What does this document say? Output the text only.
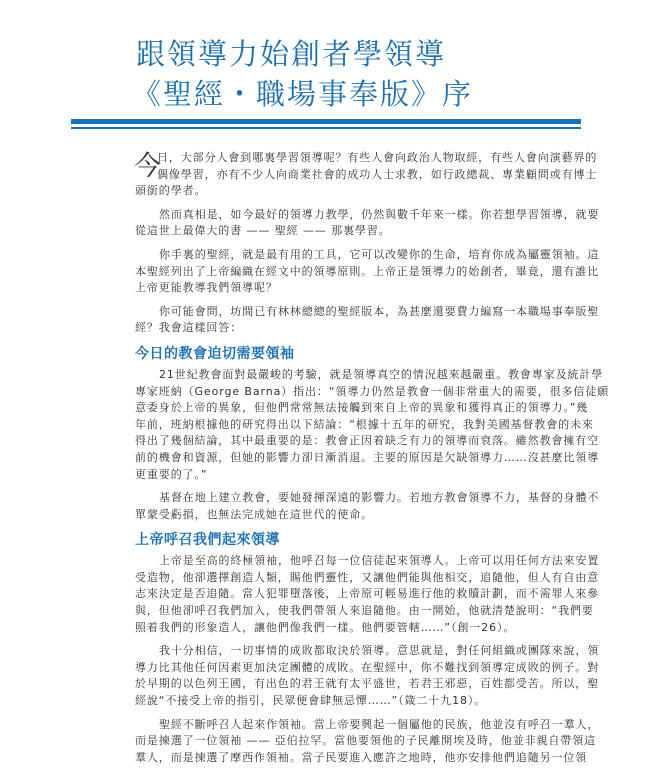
跟領導力始創者學領導
《聖經・職場事奉版》序
今
日，大部分人會到哪裏學習領導呢？有些人會向政治人物取經，有些人會向演藝界的
偶像學習，亦有不少人向商業社會的成功人士求教，如行政總裁、專業顧問或有博士
頭銜的學者。
然而真相是，如今最好的領導力教學，仍然與數千年來一樣。你若想學習領導，就要
從這世上最偉大的書 —— 聖經 —— 那裏學習。
你手裏的聖經，就是最有用的工具，它可以改變你的生命，培育你成為屬靈領袖。這
本聖經列出了上帝編織在經文中的領導原則。上帝正是領導力的始創者，畢竟，還有誰比
上帝更能教導我們領導呢？
你可能會問，坊間已有林林總總的聖經版本，為甚麼還要費力編寫一本職場事奉版聖
經？我會這樣回答：
今日的教會迫切需要領袖
21世紀教會面對最嚴峻的考驗，就是領導真空的情況越來越嚴重。教會專家及統計學
專家班納（George Barna）指出：“領導力仍然是教會一個非常重大的需要，很多信徒願
意委身於上帝的異象，但他們常常無法接觸到來自上帝的異象和獲得真正的領導力。”幾
年前，班納根據他的研究得出以下結論：“根據十五年的研究，我對美國基督教會的未來
得出了幾個結論，其中最重要的是：教會正因着缺乏有力的領導而衰落。雖然教會擁有空
前的機會和資源，但她的影響力卻日漸消退。主要的原因是欠缺領導力……沒甚麼比領導
更重要的了。”
基督在地上建立教會，要她發揮深遠的影響力。若地方教會領導不力，基督的身體不
單蒙受虧損，也無法完成她在這世代的使命。
上帝呼召我們起來領導
上帝是至高的終極領袖，他呼召每一位信徒起來領導人。上帝可以用任何方法來安置
受造物，他卻選擇創造人類，賜他們靈性，又讓他們能與他相交，追隨他，但人有自由意
志來決定是否追隨。當人犯罪墮落後，上帝原可輕易進行他的救贖計劃，而不需罪人來參
與，但他卻呼召我們加入，使我們帶領人來追隨他。由一開始，他就清楚說明：“我們要
照着我們的形象造人，讓他們像我們一樣。他們要管轄……”（創一26）。
我十分相信，一切事情的成敗都取決於領導。意思就是，對任何組織或團隊來說，領
導力比其他任何因素更加決定團體的成敗。在聖經中，你不難找到領導定成敗的例子。對
於早期的以色列王國，有出色的君王就有太平盛世，若君王邪惡，百姓都受苦。所以，聖
經說“不接受上帝的指引，民眾便會肆無忌憚……”（箴二十九18）。
聖經不斷呼召人起來作領袖。當上帝要興起一個屬他的民族，他並沒有呼召一羣人，
而是揀選了一位領袖 —— 亞伯拉罕。當他要領他的子民離開埃及時，他並非親自帶領這
羣人，而是揀選了摩西作領袖。當子民要進入應許之地時，他亦安排他們追隨另一位領
